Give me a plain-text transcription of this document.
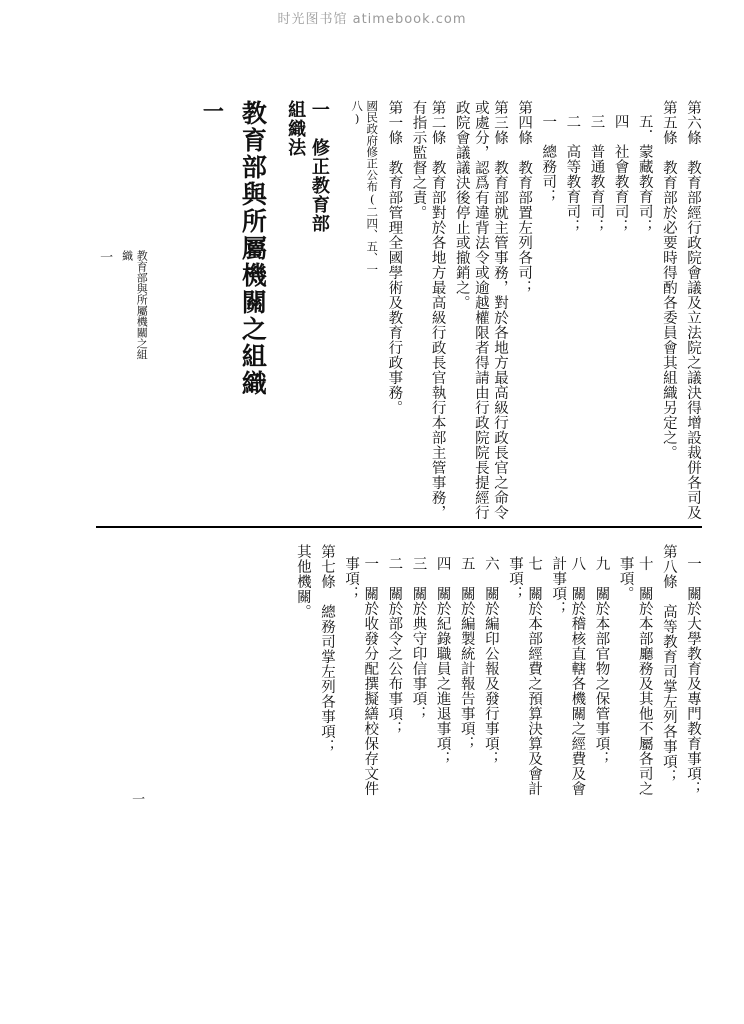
时光图书馆 atimebook.com
一 教育部與所屬機關之組織	一　修正教育部組織法	國民政府修正公布(二四、五、一八)	第一條　教育部管理全國學術及教育行政事務。	第二條　教育部對於各地方最高級行政長官執行本部主管事務，有指示監督之責。	第三條　教育部就主管事務，對於各地方最高級行政長官之命令或處分，認爲有違背法令或逾越權限者得請由行政院院長提經行政院會議議決後停止或撤銷之。	第四條　教育部置左列各司； 一　總務司； 二　高等教育司； 三　普通教育司； 四　社會教育司； 五．蒙藏教育司； 第五條　教育部於必要時得酌各委員會其組織另定之。 第六條　教育部經行政院會議及立法院之議決得增設裁併各司及
其他機關。 第七條　總務司掌左列各事項；	一　關於收發分配撰擬繕校保存文件事項；	二　關於部令之公布事項； 三　關於典守印信事項； 四　關於紀錄職員之進退事項； 五　關於編製統計報告事項； 六　關於編印公報及發行事項；	七　關於本部經費之預算決算及會計事項；	八　關於稽核直轄各機關之經費及會計事項；	九　關於本部官物之保管事項；	十　關於本部廳務及其他不屬各司之事項。	第八條　高等教育司掌左列各事項； 一　關於大學教育及專門教育事項；
一	教育部與所屬機關之組織
一
